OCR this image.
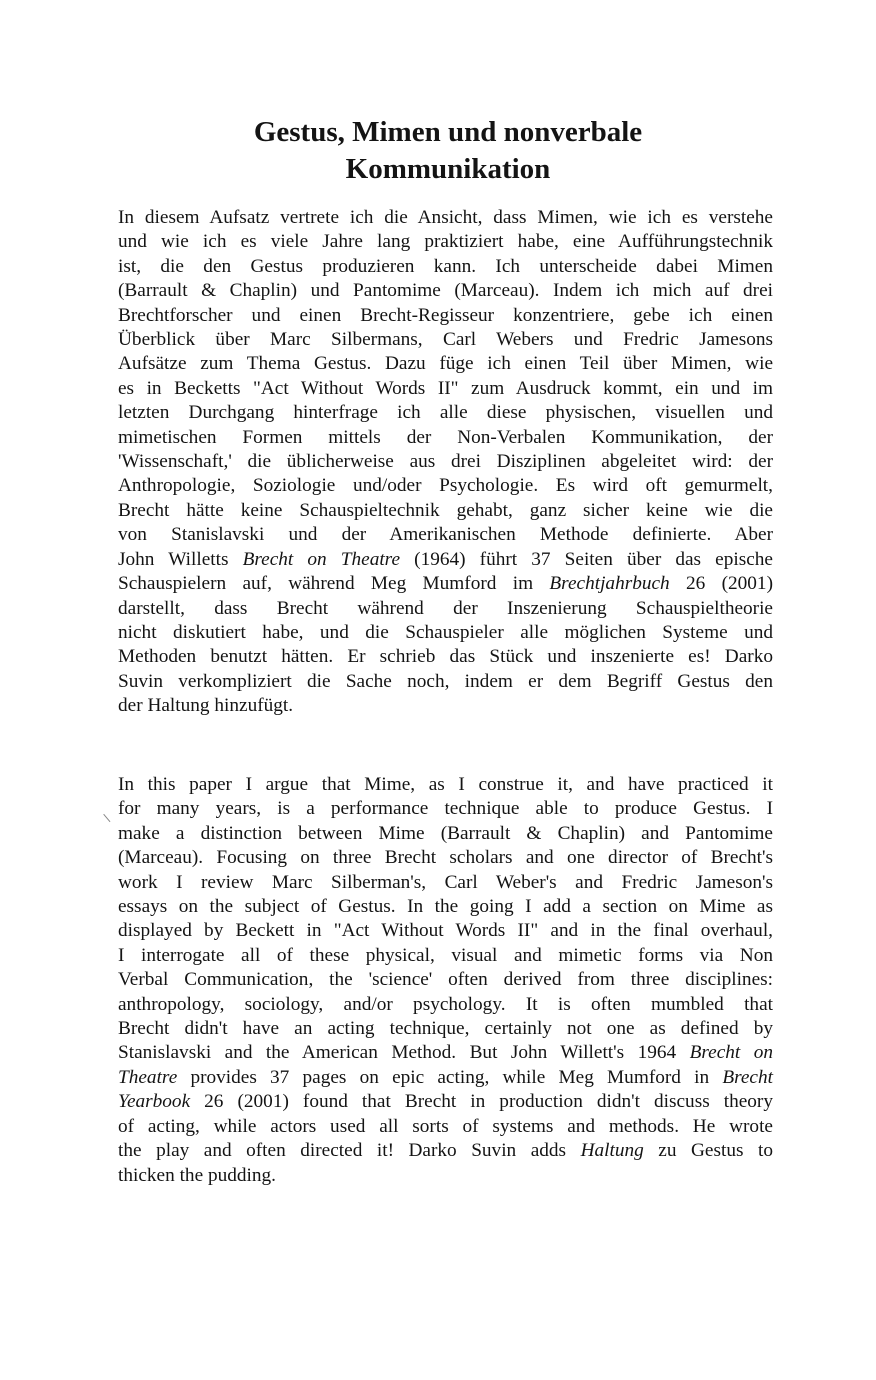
Gestus, Mimen und nonverbale
Kommunikation

In diesem Aufsatz vertrete ich die Ansicht, dass Mimen, wie ich es verstehe
und wie ich es viele Jahre lang praktiziert habe, eine Aufführungstechnik
ist, die den Gestus produzieren kann. Ich unterscheide dabei Mimen
(Barrault & Chaplin) und Pantomime (Marceau). Indem ich mich auf drei
Brechtforscher und einen Brecht-Regisseur konzentriere, gebe ich einen
Überblick über Marc Silbermans, Carl Webers und Fredric Jamesons
Aufsätze zum Thema Gestus. Dazu füge ich einen Teil über Mimen, wie
es in Becketts "Act Without Words II" zum Ausdruck kommt, ein und im
letzten Durchgang hinterfrage ich alle diese physischen, visuellen und
mimetischen Formen mittels der Non-Verbalen Kommunikation, der
'Wissenschaft,' die üblicherweise aus drei Disziplinen abgeleitet wird: der
Anthropologie, Soziologie und/oder Psychologie. Es wird oft gemurmelt,
Brecht hätte keine Schauspieltechnik gehabt, ganz sicher keine wie die
von Stanislavski und der Amerikanischen Methode definierte. Aber
John Willetts Brecht on Theatre (1964) führt 37 Seiten über das epische
Schauspielern auf, während Meg Mumford im Brechtjahrbuch 26 (2001)
darstellt, dass Brecht während der Inszenierung Schauspieltheorie
nicht diskutiert habe, und die Schauspieler alle möglichen Systeme und
Methoden benutzt hätten. Er schrieb das Stück und inszenierte es! Darko
Suvin verkompliziert die Sache noch, indem er dem Begriff Gestus den
der Haltung hinzufügt.

In this paper I argue that Mime, as I construe it, and have practiced it
for many years, is a performance technique able to produce Gestus. I
make a distinction between Mime (Barrault & Chaplin) and Pantomime
(Marceau). Focusing on three Brecht scholars and one director of Brecht's
work I review Marc Silberman's, Carl Weber's and Fredric Jameson's
essays on the subject of Gestus. In the going I add a section on Mime as
displayed by Beckett in "Act Without Words II" and in the final overhaul,
I interrogate all of these physical, visual and mimetic forms via Non
Verbal Communication, the 'science' often derived from three disciplines:
anthropology, sociology, and/or psychology. It is often mumbled that
Brecht didn't have an acting technique, certainly not one as defined by
Stanislavski and the American Method. But John Willett's 1964 Brecht on
Theatre provides 37 pages on epic acting, while Meg Mumford in Brecht
Yearbook 26 (2001) found that Brecht in production didn't discuss theory
of acting, while actors used all sorts of systems and methods. He wrote
the play and often directed it! Darko Suvin adds Haltung zu Gestus to
thicken the pudding.
